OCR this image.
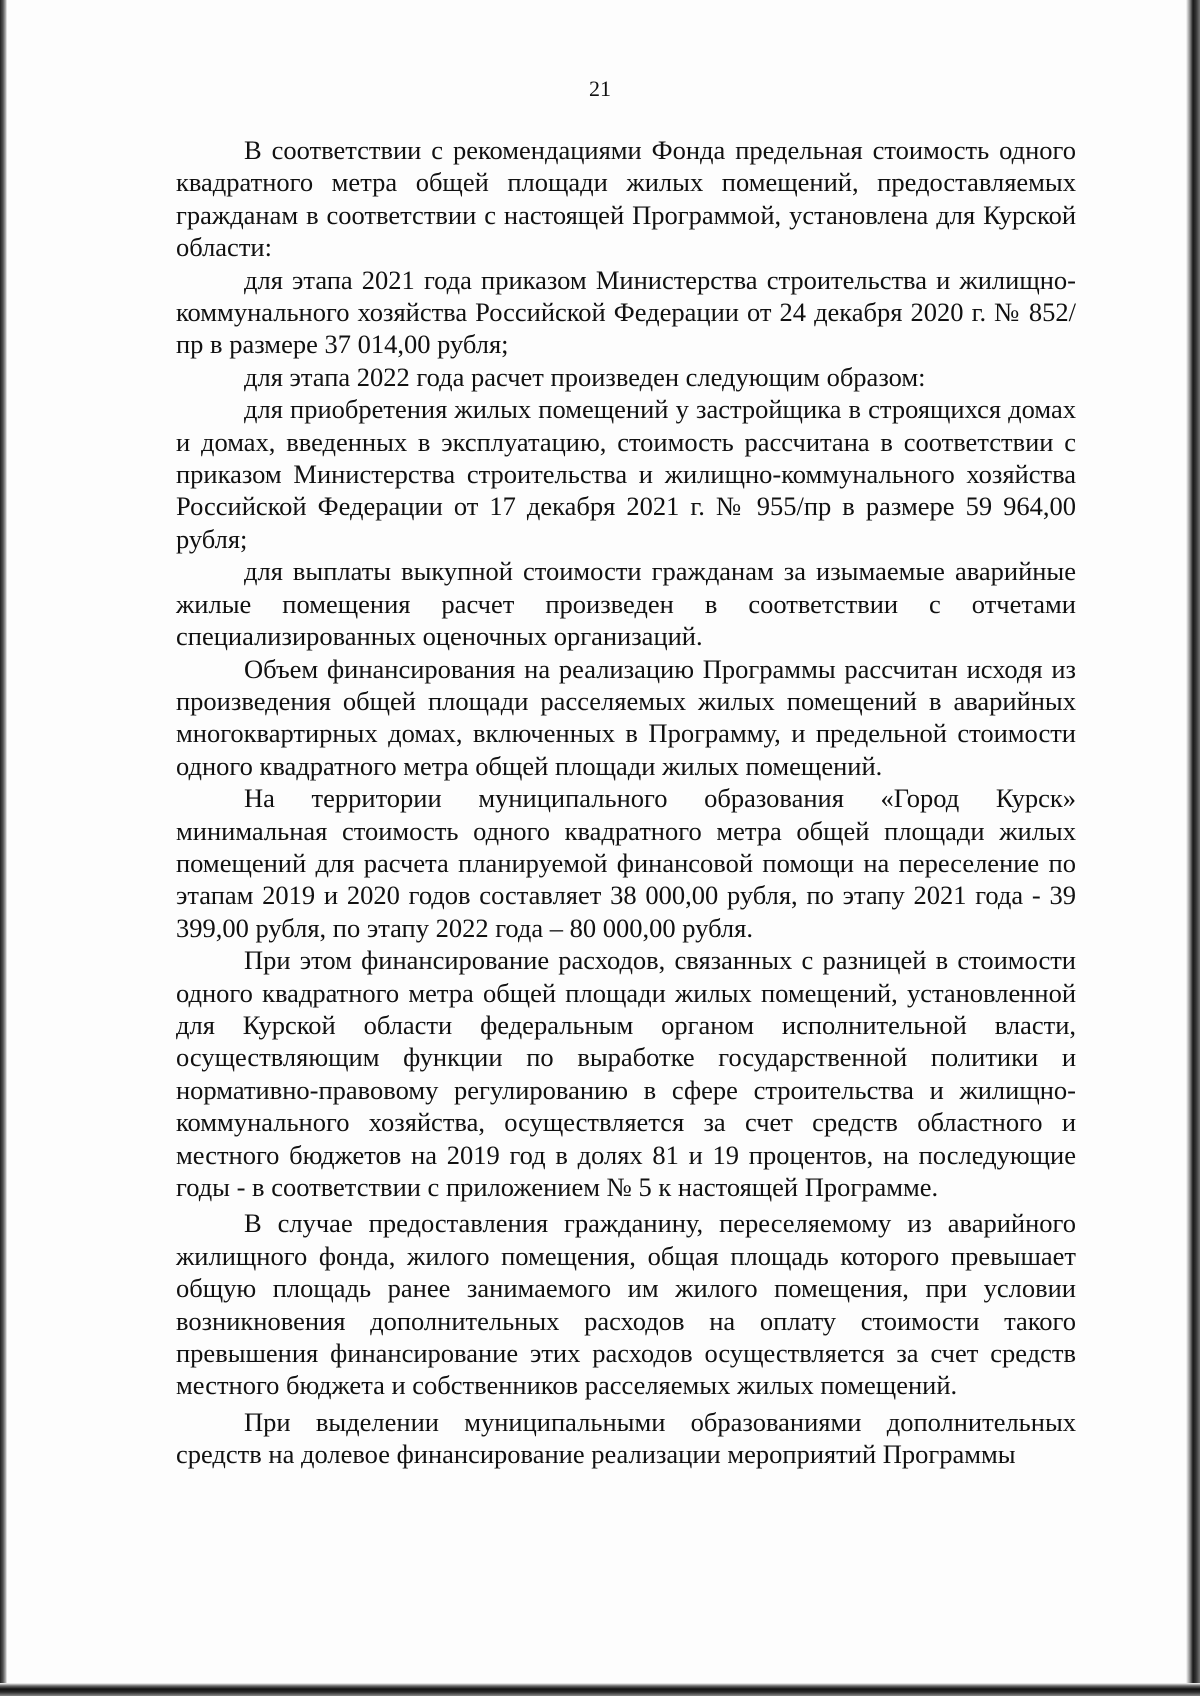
21

В соответствии с рекомендациями Фонда предельная стоимость одного квадратного метра общей площади жилых помещений, предоставляемых гражданам в соответствии с настоящей Программой, установлена для Курской области:

для этапа 2021 года приказом Министерства строительства и жилищно-коммунального хозяйства Российской Федерации от 24 декабря 2020 г. № 852/пр в размере 37 014,00 рубля;

для этапа 2022 года расчет произведен следующим образом:

для приобретения жилых помещений у застройщика в строящихся домах и домах, введенных в эксплуатацию, стоимость рассчитана в соответствии с приказом Министерства строительства и жилищно-коммунального хозяйства Российской Федерации от 17 декабря 2021 г. № 955/пр в размере 59 964,00 рубля;

для выплаты выкупной стоимости гражданам за изымаемые аварийные жилые помещения расчет произведен в соответствии с отчетами специализированных оценочных организаций.

Объем финансирования на реализацию Программы рассчитан исходя из произведения общей площади расселяемых жилых помещений в аварийных многоквартирных домах, включенных в Программу, и предельной стоимости одного квадратного метра общей площади жилых помещений.

На территории муниципального образования «Город Курск» минимальная стоимость одного квадратного метра общей площади жилых помещений для расчета планируемой финансовой помощи на переселение по этапам 2019 и 2020 годов составляет 38 000,00 рубля, по этапу 2021 года - 39 399,00 рубля, по этапу 2022 года – 80 000,00 рубля.

При этом финансирование расходов, связанных с разницей в стоимости одного квадратного метра общей площади жилых помещений, установленной для Курской области федеральным органом исполнительной власти, осуществляющим функции по выработке государственной политики и нормативно-правовому регулированию в сфере строительства и жилищно-коммунального хозяйства, осуществляется за счет средств областного и местного бюджетов на 2019 год в долях 81 и 19 процентов, на последующие годы - в соответствии с приложением № 5 к настоящей Программе.

В случае предоставления гражданину, переселяемому из аварийного жилищного фонда, жилого помещения, общая площадь которого превышает общую площадь ранее занимаемого им жилого помещения, при условии возникновения дополнительных расходов на оплату стоимости такого превышения финансирование этих расходов осуществляется за счет средств местного бюджета и собственников расселяемых жилых помещений.

При выделении муниципальными образованиями дополнительных средств на долевое финансирование реализации мероприятий Программы
